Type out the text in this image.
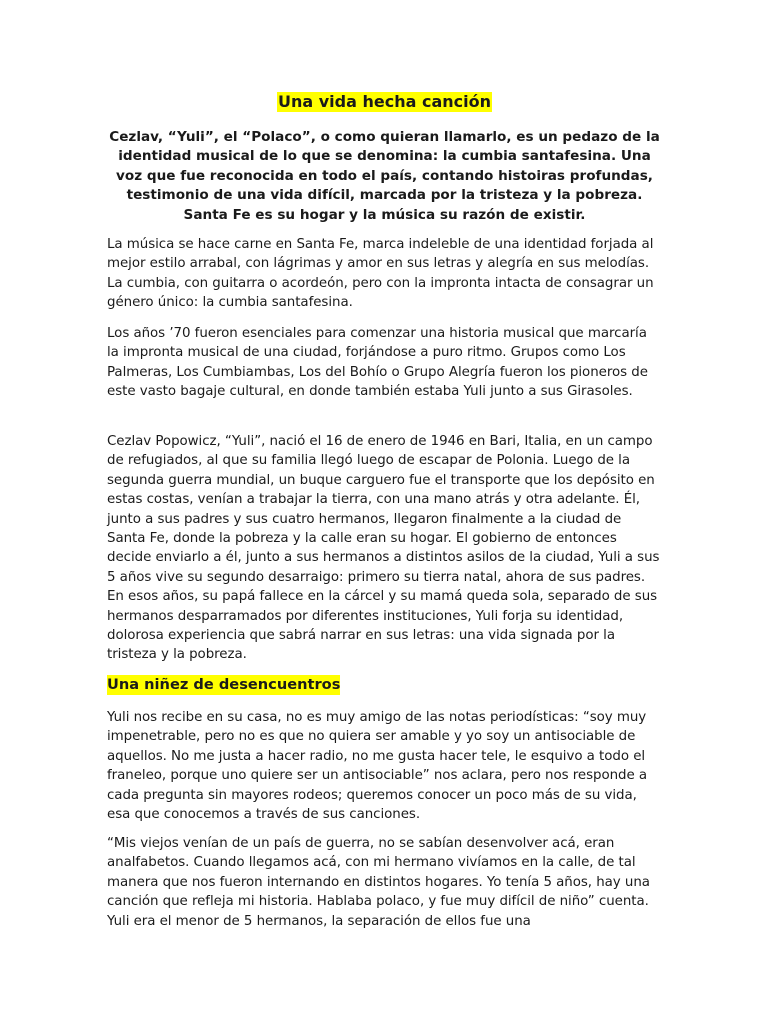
Una vida hecha canción

Cezlav, “Yuli”, el “Polaco”, o como quieran llamarlo, es un pedazo de la identidad musical de lo que se denomina: la cumbia santafesina. Una voz que fue reconocida en todo el país, contando histoiras profundas, testimonio de una vida difícil, marcada por la tristeza y la pobreza. Santa Fe es su hogar y la música su razón de existir.

La música se hace carne en Santa Fe, marca indeleble de una identidad forjada al mejor estilo arrabal, con lágrimas y amor en sus letras y alegría en sus melodías. La cumbia, con guitarra o acordeón, pero con la impronta intacta de consagrar un género único: la cumbia santafesina.

Los años ’70 fueron esenciales para comenzar una historia musical que marcaría la impronta musical de una ciudad, forjándose a puro ritmo. Grupos como Los Palmeras, Los Cumbiambas, Los del Bohío o Grupo Alegría fueron los pioneros de este vasto bagaje cultural, en donde también estaba Yuli junto a sus Girasoles.

Cezlav Popowicz, “Yuli”, nació el 16 de enero de 1946 en Bari, Italia, en un campo de refugiados, al que su familia llegó luego de escapar de Polonia. Luego de la segunda guerra mundial, un buque carguero fue el transporte que los depósito en estas costas, venían a trabajar la tierra, con una mano atrás y otra adelante. Él, junto a sus padres y sus cuatro hermanos, llegaron finalmente a la ciudad de Santa Fe, donde la pobreza y la calle eran su hogar. El gobierno de entonces decide enviarlo a él, junto a sus hermanos a distintos asilos de la ciudad, Yuli a sus 5 años vive su segundo desarraigo: primero su tierra natal, ahora de sus padres. En esos años, su papá fallece en la cárcel y su mamá queda sola, separado de sus hermanos desparramados por diferentes instituciones, Yuli forja su identidad, dolorosa experiencia que sabrá narrar en sus letras: una vida signada por la tristeza y la pobreza.

Una niñez de desencuentros

Yuli nos recibe en su casa, no es muy amigo de las notas periodísticas: “soy muy impenetrable, pero no es que no quiera ser amable y yo soy un antisociable de aquellos. No me justa a hacer radio, no me gusta hacer tele, le esquivo a todo el franeleo, porque uno quiere ser un antisociable” nos aclara, pero nos responde a cada pregunta sin mayores rodeos; queremos conocer un poco más de su vida, esa que conocemos a través de sus canciones.

“Mis viejos venían de un país de guerra, no se sabían desenvolver acá, eran analfabetos. Cuando llegamos acá, con mi hermano vivíamos en la calle, de tal manera que nos fueron internando en distintos hogares. Yo tenía 5 años, hay una canción que refleja mi historia. Hablaba polaco, y fue muy difícil de niño” cuenta. Yuli era el menor de 5 hermanos, la separación de ellos fue una
